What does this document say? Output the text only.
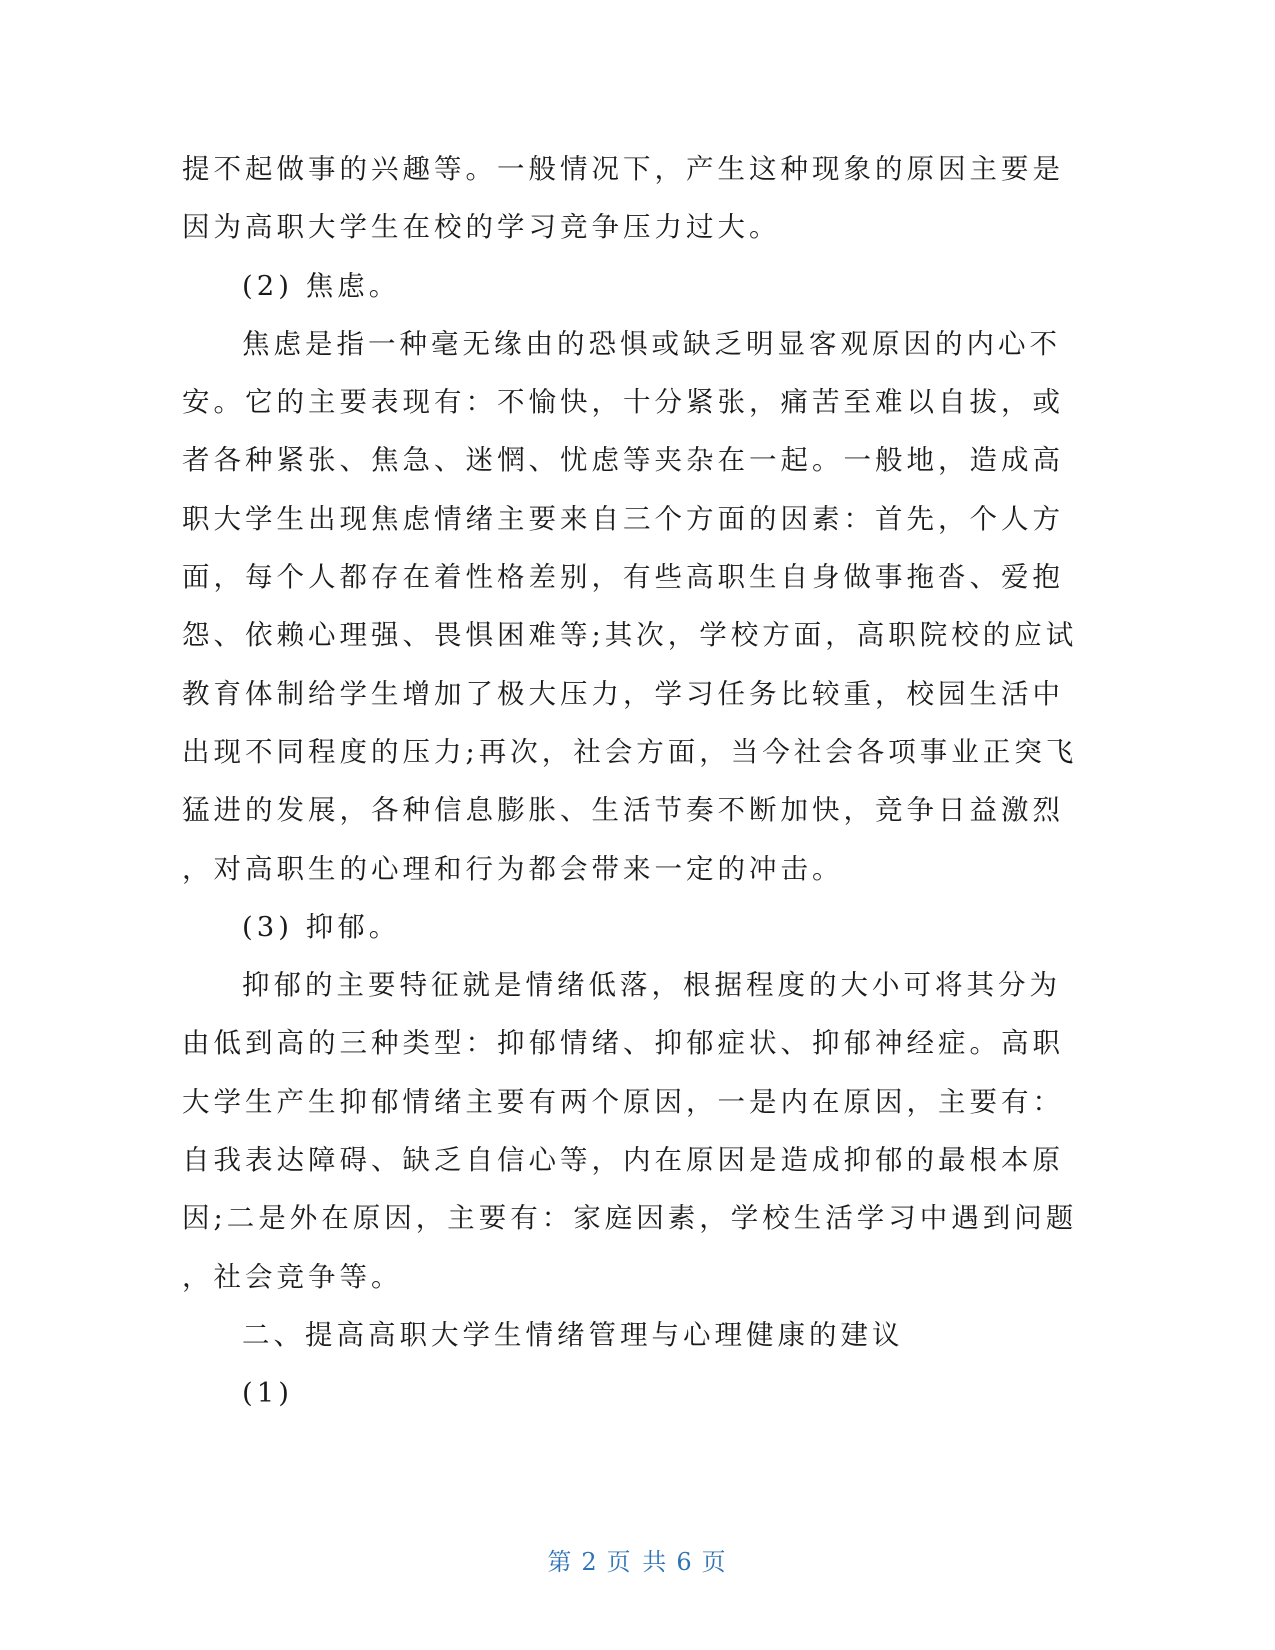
提不起做事的兴趣等。一般情况下，产生这种现象的原因主要是
因为高职大学生在校的学习竞争压力过大。
(2) 焦虑。
焦虑是指一种毫无缘由的恐惧或缺乏明显客观原因的内心不
安。它的主要表现有：不愉快，十分紧张，痛苦至难以自拔，或
者各种紧张、焦急、迷惘、忧虑等夹杂在一起。一般地，造成高
职大学生出现焦虑情绪主要来自三个方面的因素：首先，个人方
面，每个人都存在着性格差别，有些高职生自身做事拖沓、爱抱
怨、依赖心理强、畏惧困难等;其次，学校方面，高职院校的应试
教育体制给学生增加了极大压力，学习任务比较重，校园生活中
出现不同程度的压力;再次，社会方面，当今社会各项事业正突飞
猛进的发展，各种信息膨胀、生活节奏不断加快，竞争日益激烈
，对高职生的心理和行为都会带来一定的冲击。
(3) 抑郁。
抑郁的主要特征就是情绪低落，根据程度的大小可将其分为
由低到高的三种类型：抑郁情绪、抑郁症状、抑郁神经症。高职
大学生产生抑郁情绪主要有两个原因，一是内在原因，主要有：
自我表达障碍、缺乏自信心等，内在原因是造成抑郁的最根本原
因;二是外在原因，主要有：家庭因素，学校生活学习中遇到问题
，社会竞争等。
二、提高高职大学生情绪管理与心理健康的建议
(1)
第 2 页 共 6 页
